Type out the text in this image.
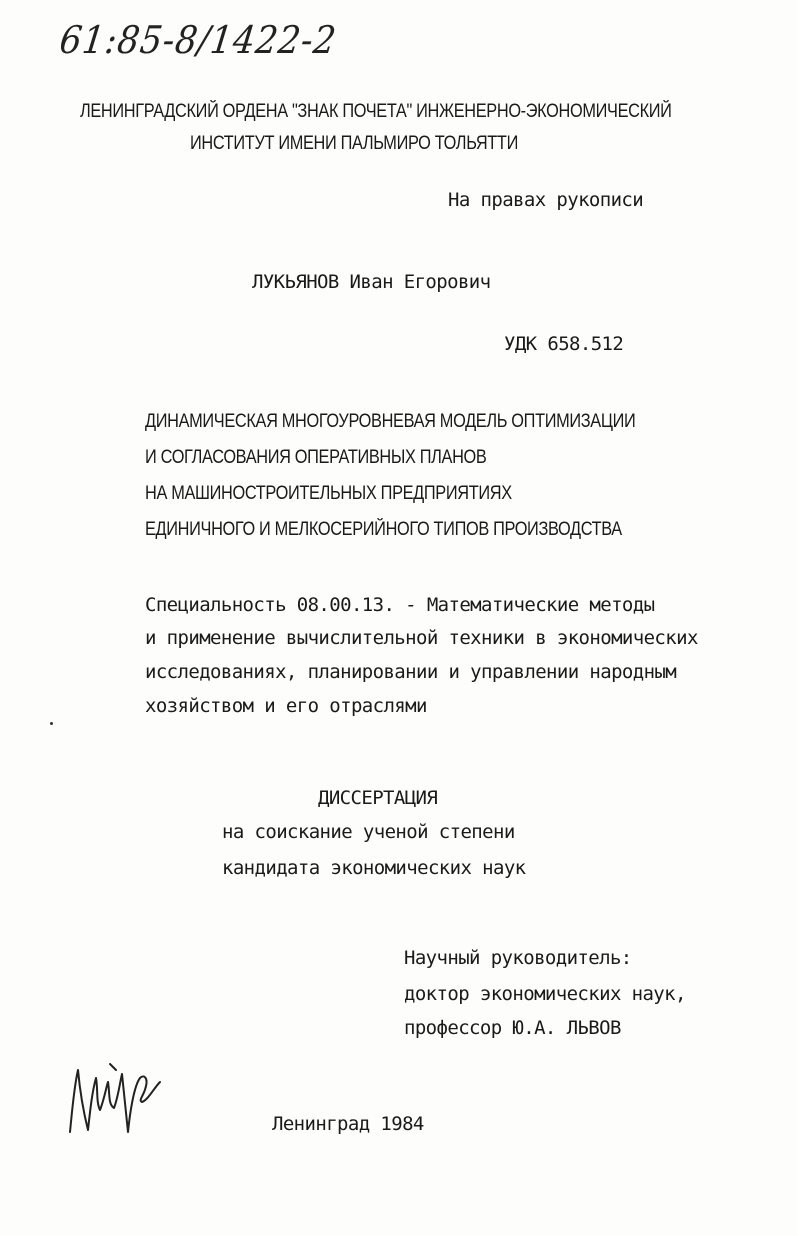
61:85-8/1422-2
ЛЕНИНГРАДСКИЙ ОРДЕНА "ЗНАК ПОЧЕТА" ИНЖЕНЕРНО-ЭКОНОМИЧЕСКИЙ
ИНСТИТУТ ИМЕНИ ПАЛЬМИРО ТОЛЬЯТТИ
На правах рукописи
ЛУКЬЯНОВ Иван Егорович
УДК 658.512
ДИНАМИЧЕСКАЯ МНОГОУРОВНЕВАЯ МОДЕЛЬ ОПТИМИЗАЦИИ
И СОГЛАСОВАНИЯ ОПЕРАТИВНЫХ ПЛАНОВ
НА МАШИНОСТРОИТЕЛЬНЫХ ПРЕДПРИЯТИЯХ
ЕДИНИЧНОГО И МЕЛКОСЕРИЙНОГО ТИПОВ ПРОИЗВОДСТВА
Специальность 08.00.13. - Математические методы
и применение вычислительной техники в экономических
исследованиях, планировании и управлении народным
хозяйством и его отраслями
ДИССЕРТАЦИЯ
на соискание ученой степени
кандидата экономических наук
Научный руководитель:
доктор экономических наук,
профессор Ю.А. ЛЬВОВ
Ленинград 1984
